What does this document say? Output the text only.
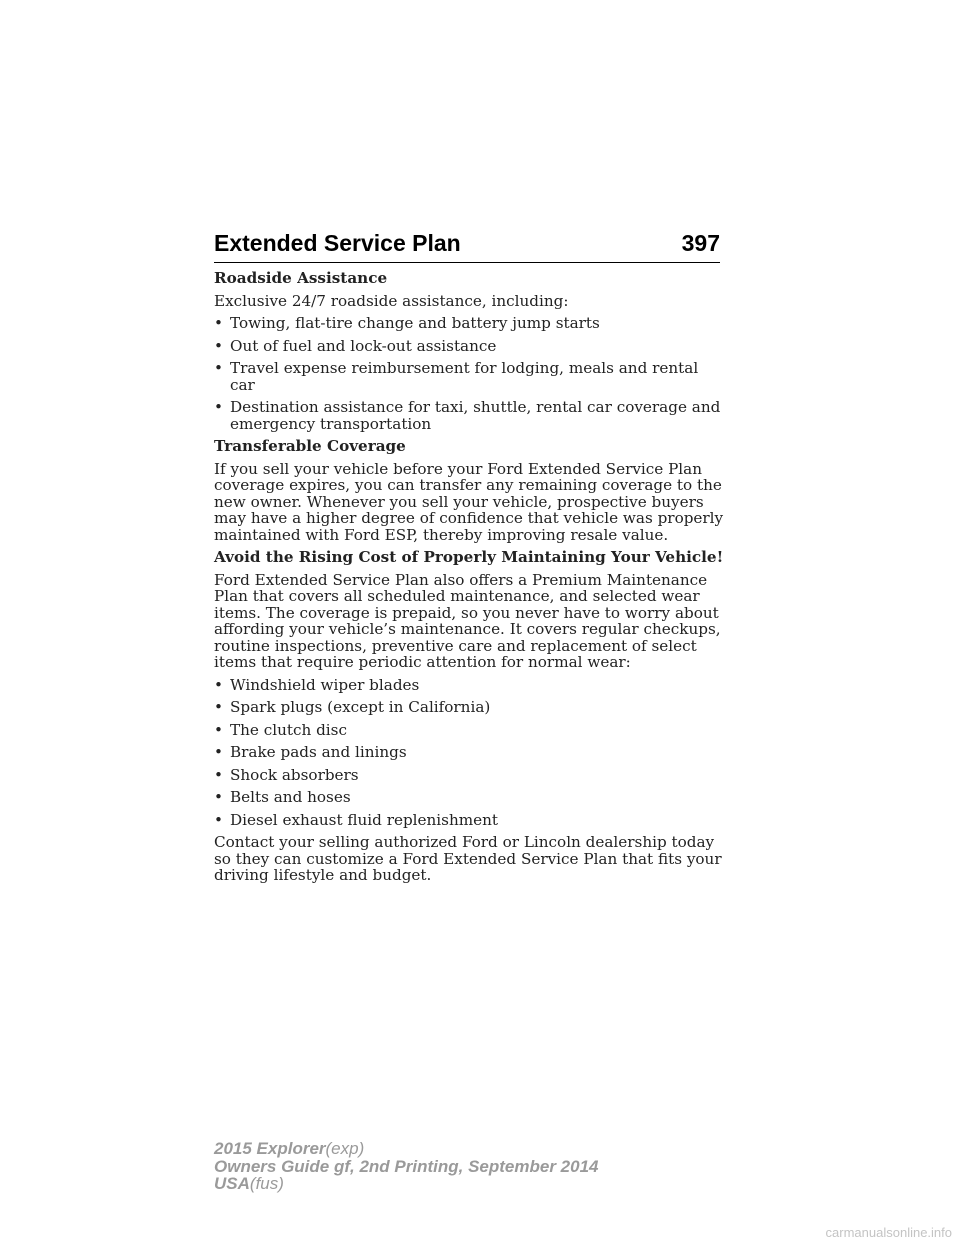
Extended Service Plan	397

Roadside Assistance

Exclusive 24/7 roadside assistance, including:

• Towing, flat-tire change and battery jump starts
• Out of fuel and lock-out assistance
• Travel expense reimbursement for lodging, meals and rental car
• Destination assistance for taxi, shuttle, rental car coverage and emergency transportation

Transferable Coverage

If you sell your vehicle before your Ford Extended Service Plan coverage expires, you can transfer any remaining coverage to the new owner. Whenever you sell your vehicle, prospective buyers may have a higher degree of confidence that vehicle was properly maintained with Ford ESP, thereby improving resale value.

Avoid the Rising Cost of Properly Maintaining Your Vehicle!

Ford Extended Service Plan also offers a Premium Maintenance Plan that covers all scheduled maintenance, and selected wear items. The coverage is prepaid, so you never have to worry about affording your vehicle’s maintenance. It covers regular checkups, routine inspections, preventive care and replacement of select items that require periodic attention for normal wear:

• Windshield wiper blades
• Spark plugs (except in California)
• The clutch disc
• Brake pads and linings
• Shock absorbers
• Belts and hoses
• Diesel exhaust fluid replenishment

Contact your selling authorized Ford or Lincoln dealership today so they can customize a Ford Extended Service Plan that fits your driving lifestyle and budget.

2015 Explorer(exp)
Owners Guide gf, 2nd Printing, September 2014
USA(fus)
carmanualsonline.info
